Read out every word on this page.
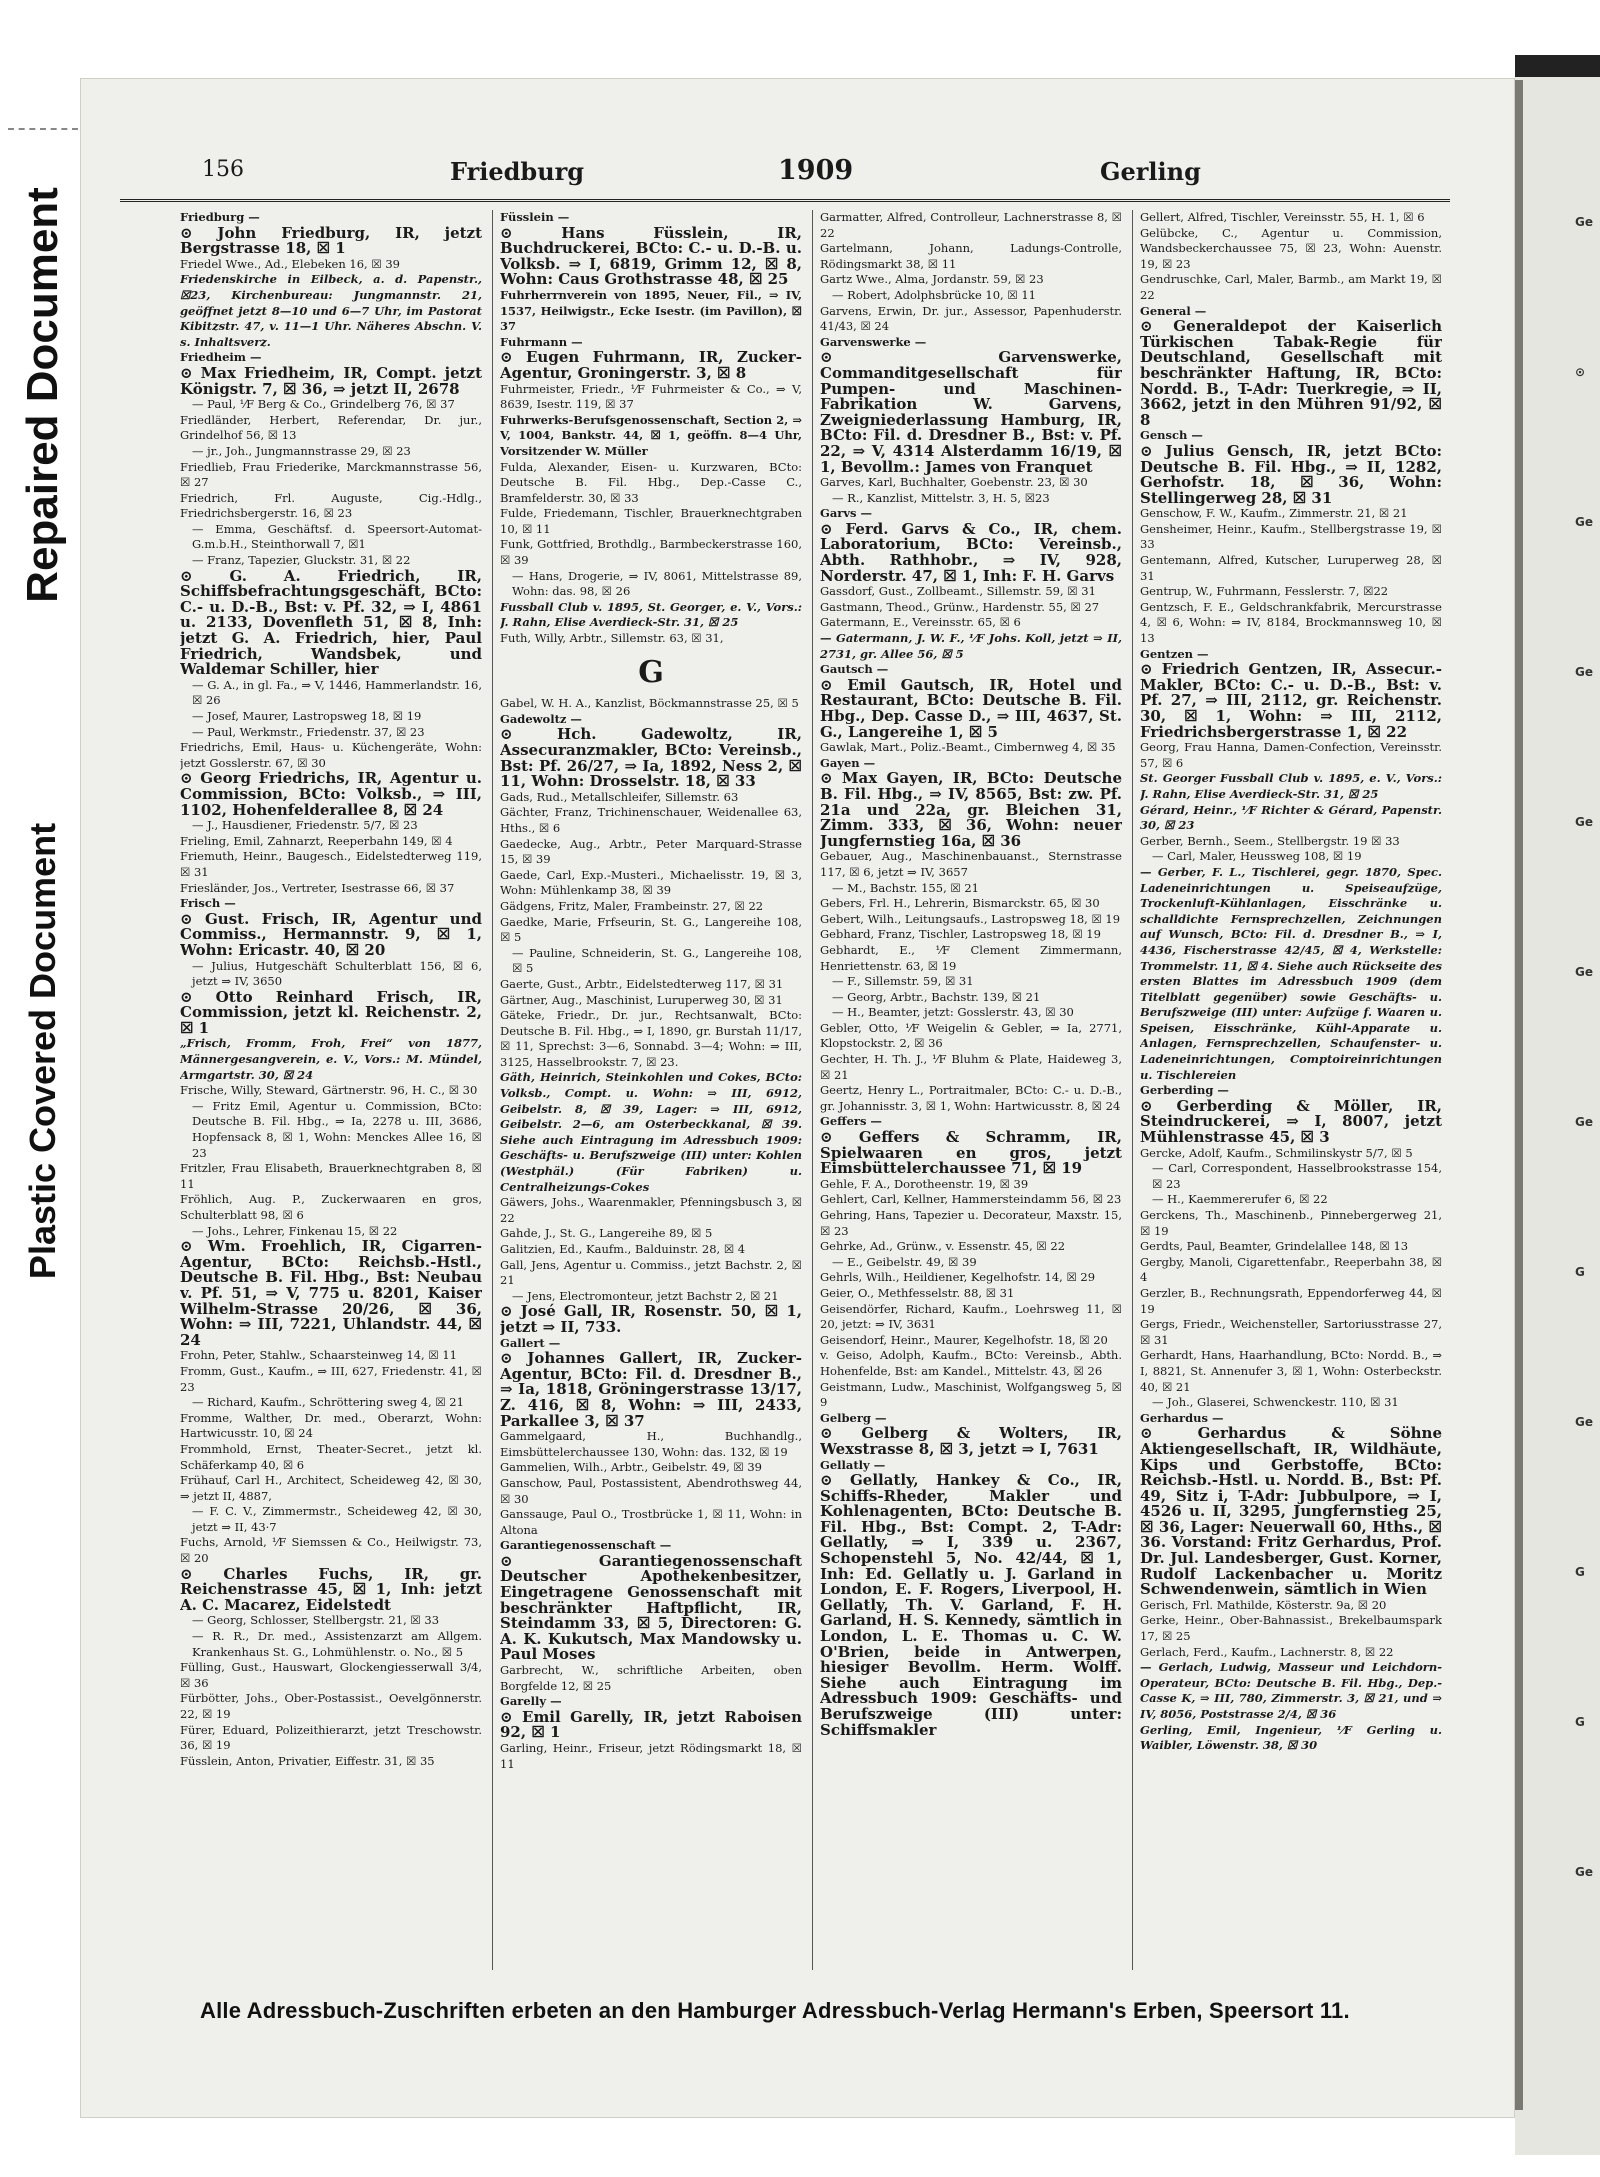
Repaired Document
Plastic Covered Document
Ge
⊙
Ge
Ge
Ge
Ge
Ge
G
Ge
G
G
Ge
156	Friedburg	1909	Gerling

Friedburg —

⊙ John Friedburg, IR, jetzt Bergstrasse 18, ☒ 1

Friedel Wwe., Ad., Elebeken 16, ☒ 39

Friedenskirche in Eilbeck, a. d. Papenstr., ☒23, Kirchenbureau: Jungmannstr. 21, geöffnet jetzt 8—10 und 6—7 Uhr, im Pastorat Kibitzstr. 47, v. 11—1 Uhr. Näheres Abschn. V. s. Inhaltsverz.

Friedheim —

⊙ Max Friedheim, IR, Compt. jetzt Königstr. 7, ☒ 36, ⇒ jetzt II, 2678

— Paul, ⅟F Berg & Co., Grindelberg 76, ☒ 37

Friedländer, Herbert, Referendar, Dr. jur., Grindelhof 56, ☒ 13

— jr., Joh., Jungmannstrasse 29, ☒ 23

Friedlieb, Frau Friederike, Marckmannstrasse 56, ☒ 27

Friedrich, Frl. Auguste, Cig.-Hdlg., Friedrichsbergerstr. 16, ☒ 23

— Emma, Geschäftsf. d. Speersort-Automat-G.m.b.H., Steinthorwall 7, ☒1

— Franz, Tapezier, Gluckstr. 31, ☒ 22

⊙ G. A. Friedrich, IR, Schiffsbefrachtungsgeschäft, BCto: C.- u. D.-B., Bst: v. Pf. 32, ⇒ I, 4861 u. 2133, Dovenfleth 51, ☒ 8, Inh: jetzt G. A. Friedrich, hier, Paul Friedrich, Wandsbek, und Waldemar Schiller, hier

— G. A., in gl. Fa., ⇒ V, 1446, Hammerlandstr. 16, ☒ 26

— Josef, Maurer, Lastropsweg 18, ☒ 19

— Paul, Werkmstr., Friedenstr. 37, ☒ 23

Friedrichs, Emil, Haus- u. Küchengeräte, Wohn: jetzt Gosslerstr. 67, ☒ 30

⊙ Georg Friedrichs, IR, Agentur u. Commission, BCto: Volksb., ⇒ III, 1102, Hohenfelderallee 8, ☒ 24

— J., Hausdiener, Friedenstr. 5/7, ☒ 23

Frieling, Emil, Zahnarzt, Reeperbahn 149, ☒ 4

Friemuth, Heinr., Baugesch., Eidelstedterweg 119, ☒ 31

Friesländer, Jos., Vertreter, Isestrasse 66, ☒ 37

Frisch —

⊙ Gust. Frisch, IR, Agentur und Commiss., Hermannstr. 9, ☒ 1, Wohn: Ericastr. 40, ☒ 20

— Julius, Hutgeschäft Schulterblatt 156, ☒ 6, jetzt ⇒ IV, 3650

⊙ Otto Reinhard Frisch, IR, Commission, jetzt kl. Reichenstr. 2, ☒ 1

„Frisch, Fromm, Froh, Frei“ von 1877, Männergesangverein, e. V., Vors.: M. Mündel, Armgartstr. 30, ☒ 24

Frische, Willy, Steward, Gärtnerstr. 96, H. C., ☒ 30

— Fritz Emil, Agentur u. Commission, BCto: Deutsche B. Fil. Hbg., ⇒ Ia, 2278 u. III, 3686, Hopfensack 8, ☒ 1, Wohn: Menckes Allee 16, ☒ 23

Fritzler, Frau Elisabeth, Brauerknechtgraben 8, ☒ 11

Fröhlich, Aug. P., Zuckerwaaren en gros, Schulterblatt 98, ☒ 6

— Johs., Lehrer, Finkenau 15, ☒ 22

⊙ Wm. Froehlich, IR, Cigarren-Agentur, BCto: Reichsb.-Hstl., Deutsche B. Fil. Hbg., Bst: Neubau v. Pf. 51, ⇒ V, 775 u. 8201, Kaiser Wilhelm-Strasse 20/26, ☒ 36, Wohn: ⇒ III, 7221, Uhlandstr. 44, ☒ 24

Frohn, Peter, Stahlw., Schaarsteinweg 14, ☒ 11

Fromm, Gust., Kaufm., ⇒ III, 627, Friedenstr. 41, ☒ 23

— Richard, Kaufm., Schröttering sweg 4, ☒ 21

Fromme, Walther, Dr. med., Oberarzt, Wohn: Hartwicusstr. 10, ☒ 24

Frommhold, Ernst, Theater-Secret., jetzt kl. Schäferkamp 40, ☒ 6

Frühauf, Carl H., Architect, Scheideweg 42, ☒ 30, ⇒ jetzt II, 4887,

— F. C. V., Zimmermstr., Scheideweg 42, ☒ 30, jetzt ⇒ II, 43·7

Fuchs, Arnold, ⅟F Siemssen & Co., Heilwigstr. 73, ☒ 20

⊙ Charles Fuchs, IR, gr. Reichenstrasse 45, ☒ 1, Inh: jetzt A. C. Macarez, Eidelstedt

— Georg, Schlosser, Stellbergstr. 21, ☒ 33

— R. R., Dr. med., Assistenzarzt am Allgem. Krankenhaus St. G., Lohmühlenstr. o. No., ☒ 5

Fülling, Gust., Hauswart, Glockengiesserwall 3/4, ☒ 36

Fürbötter, Johs., Ober-Postassist., Oevelgönnerstr. 22, ☒ 19

Fürer, Eduard, Polizeithierarzt, jetzt Treschowstr. 36, ☒ 19

Füsslein, Anton, Privatier, Eiffestr. 31, ☒ 35

Füsslein —

⊙ Hans Füsslein, IR, Buchdruckerei, BCto: C.- u. D.-B. u. Volksb. ⇒ I, 6819, Grimm 12, ☒ 8, Wohn: Caus Grothstrasse 48, ☒ 25

Fuhrherrnverein von 1895, Neuer, Fil., ⇒ IV, 1537, Heilwigstr., Ecke Isestr. (im Pavillon), ☒ 37

Fuhrmann —

⊙ Eugen Fuhrmann, IR, Zucker-Agentur, Groningerstr. 3, ☒ 8

Fuhrmeister, Friedr., ⅟F Fuhrmeister & Co., ⇒ V, 8639, Isestr. 119, ☒ 37

Fuhrwerks-Berufsgenossenschaft, Section 2, ⇒ V, 1004, Bankstr. 44, ☒ 1, geöffn. 8—4 Uhr, Vorsitzender W. Müller

Fulda, Alexander, Eisen- u. Kurzwaren, BCto: Deutsche B. Fil. Hbg., Dep.-Casse C., Bramfelderstr. 30, ☒ 33

Fulde, Friedemann, Tischler, Brauerknechtgraben 10, ☒ 11

Funk, Gottfried, Brothdlg., Barmbeckerstrasse 160, ☒ 39

— Hans, Drogerie, ⇒ IV, 8061, Mittelstrasse 89, Wohn: das. 98, ☒ 26

Fussball Club v. 1895, St. Georger, e. V., Vors.: J. Rahn, Elise Averdieck-Str. 31, ☒ 25

Futh, Willy, Arbtr., Sillemstr. 63, ☒ 31,

G

Gabel, W. H. A., Kanzlist, Böckmannstrasse 25, ☒ 5

Gadewoltz —

⊙ Hch. Gadewoltz, IR, Assecuranzmakler, BCto: Vereinsb., Bst: Pf. 26/27, ⇒ Ia, 1892, Ness 2, ☒ 11, Wohn: Drosselstr. 18, ☒ 33

Gads, Rud., Metallschleifer, Sillemstr. 63

Gächter, Franz, Trichinenschauer, Weidenallee 63, Hths., ☒ 6

Gaedecke, Aug., Arbtr., Peter Marquard-Strasse 15, ☒ 39

Gaede, Carl, Exp.-Musteri., Michaelisstr. 19, ☒ 3, Wohn: Mühlenkamp 38, ☒ 39

Gädgens, Fritz, Maler, Frambeinstr. 27, ☒ 22

Gaedke, Marie, Frfseurin, St. G., Langereihe 108, ☒ 5

— Pauline, Schneiderin, St. G., Langereihe 108, ☒ 5

Gaerte, Gust., Arbtr., Eidelstedterweg 117, ☒ 31

Gärtner, Aug., Maschinist, Luruperweg 30, ☒ 31

Gäteke, Friedr., Dr. jur., Rechtsanwalt, BCto: Deutsche B. Fil. Hbg., ⇒ I, 1890, gr. Burstah 11/17, ☒ 11, Sprechst: 3—6, Sonnabd. 3—4; Wohn: ⇒ III, 3125, Hasselbrookstr. 7, ☒ 23.

Gäth, Heinrich, Steinkohlen und Cokes, BCto: Volksb., Compt. u. Wohn: ⇒ III, 6912, Geibelstr. 8, ☒ 39, Lager: ⇒ III, 6912, Geibelstr. 2—6, am Osterbeckkanal, ☒ 39. Siehe auch Eintragung im Adressbuch 1909: Geschäfts- u. Berufszweige (III) unter: Kohlen (Westphäl.) (Für Fabriken) u. Centralheizungs-Cokes

Gäwers, Johs., Waarenmakler, Pfenningsbusch 3, ☒ 22

Gahde, J., St. G., Langereihe 89, ☒ 5

Galitzien, Ed., Kaufm., Balduinstr. 28, ☒ 4

Gall, Jens, Agentur u. Commiss., jetzt Bachstr. 2, ☒ 21

— Jens, Electromonteur, jetzt Bachstr 2, ☒ 21

⊙ José Gall, IR, Rosenstr. 50, ☒ 1, jetzt ⇒ II, 733.

Gallert —

⊙ Johannes Gallert, IR, Zucker-Agentur, BCto: Fil. d. Dresdner B., ⇒ Ia, 1818, Gröningerstrasse 13/17, Z. 416, ☒ 8, Wohn: ⇒ III, 2433, Parkallee 3, ☒ 37

Gammelgaard, H., Buchhandlg., Eimsbüttelerchaussee 130, Wohn: das. 132, ☒ 19

Gammelien, Wilh., Arbtr., Geibelstr. 49, ☒ 39

Ganschow, Paul, Postassistent, Abendrothsweg 44, ☒ 30

Ganssauge, Paul O., Trostbrücke 1, ☒ 11, Wohn: in Altona

Garantiegenossenschaft —

⊙ Garantiegenossenschaft Deutscher Apothekenbesitzer, Eingetragene Genossenschaft mit beschränkter Haftpflicht, IR, Steindamm 33, ☒ 5, Directoren: G. A. K. Kukutsch, Max Mandowsky u. Paul Moses

Garbrecht, W., schriftliche Arbeiten, oben Borgfelde 12, ☒ 25

Garelly —

⊙ Emil Garelly, IR, jetzt Raboisen 92, ☒ 1

Garling, Heinr., Friseur, jetzt Rödingsmarkt 18, ☒ 11

Garmatter, Alfred, Controlleur, Lachnerstrasse 8, ☒ 22

Gartelmann, Johann, Ladungs-Controlle, Rödingsmarkt 38, ☒ 11

Gartz Wwe., Alma, Jordanstr. 59, ☒ 23

— Robert, Adolphsbrücke 10, ☒ 11

Garvens, Erwin, Dr. jur., Assessor, Papenhuderstr. 41/43, ☒ 24

Garvenswerke —

⊙ Garvenswerke, Commanditgesellschaft für Pumpen- und Maschinen-Fabrikation W. Garvens, Zweigniederlassung Hamburg, IR, BCto: Fil. d. Dresdner B., Bst: v. Pf. 22, ⇒ V, 4314 Alsterdamm 16/19, ☒ 1, Bevollm.: James von Franquet

Garves, Karl, Buchhalter, Goebenstr. 23, ☒ 30

— R., Kanzlist, Mittelstr. 3, H. 5, ☒23

Garvs —

⊙ Ferd. Garvs & Co., IR, chem. Laboratorium, BCto: Vereinsb., Abth. Rathhobr., ⇒ IV, 928, Norderstr. 47, ☒ 1, Inh: F. H. Garvs

Gassdorf, Gust., Zollbeamt., Sillemstr. 59, ☒ 31

Gastmann, Theod., Grünw., Hardenstr. 55, ☒ 27

Gatermann, E., Vereinsstr. 65, ☒ 6

— Gatermann, J. W. F., ⅟F Johs. Koll, jetzt ⇒ II, 2731, gr. Allee 56, ☒ 5

Gautsch —

⊙ Emil Gautsch, IR, Hotel und Restaurant, BCto: Deutsche B. Fil. Hbg., Dep. Casse D., ⇒ III, 4637, St. G., Langereihe 1, ☒ 5

Gawlak, Mart., Poliz.-Beamt., Cimbernweg 4, ☒ 35

Gayen —

⊙ Max Gayen, IR, BCto: Deutsche B. Fil. Hbg., ⇒ IV, 8565, Bst: zw. Pf. 21a und 22a, gr. Bleichen 31, Zimm. 333, ☒ 36, Wohn: neuer Jungfernstieg 16a, ☒ 36

Gebauer, Aug., Maschinenbauanst., Sternstrasse 117, ☒ 6, jetzt ⇒ IV, 3657

— M., Bachstr. 155, ☒ 21

Gebers, Frl. H., Lehrerin, Bismarckstr. 65, ☒ 30

Gebert, Wilh., Leitungsaufs., Lastropsweg 18, ☒ 19

Gebhard, Franz, Tischler, Lastropsweg 18, ☒ 19

Gebhardt, E., ⅟F Clement Zimmermann, Henriettenstr. 63, ☒ 19

— F., Sillemstr. 59, ☒ 31

— Georg, Arbtr., Bachstr. 139, ☒ 21

— H., Beamter, jetzt: Gosslerstr. 43, ☒ 30

Gebler, Otto, ⅟F Weigelin & Gebler, ⇒ Ia, 2771, Klopstockstr. 2, ☒ 36

Gechter, H. Th. J., ⅟F Bluhm & Plate, Haideweg 3, ☒ 21

Geertz, Henry L., Portraitmaler, BCto: C.- u. D.-B., gr. Johannisstr. 3, ☒ 1, Wohn: Hartwicusstr. 8, ☒ 24

Geffers —

⊙ Geffers & Schramm, IR, Spielwaaren en gros, jetzt Eimsbüttelerchaussee 71, ☒ 19

Gehle, F. A., Dorotheenstr. 19, ☒ 39

Gehlert, Carl, Kellner, Hammersteindamm 56, ☒ 23

Gehring, Hans, Tapezier u. Decorateur, Maxstr. 15, ☒ 23

Gehrke, Ad., Grünw., v. Essenstr. 45, ☒ 22

— E., Geibelstr. 49, ☒ 39

Gehrls, Wilh., Heildiener, Kegelhofstr. 14, ☒ 29

Geier, O., Methfesselstr. 88, ☒ 31

Geisendörfer, Richard, Kaufm., Loehrsweg 11, ☒ 20, jetzt: ⇒ IV, 3631

Geisendorf, Heinr., Maurer, Kegelhofstr. 18, ☒ 20

v. Geiso, Adolph, Kaufm., BCto: Vereinsb., Abth. Hohenfelde, Bst: am Kandel., Mittelstr. 43, ☒ 26

Geistmann, Ludw., Maschinist, Wolfgangsweg 5, ☒ 9

Gelberg —

⊙ Gelberg & Wolters, IR, Wexstrasse 8, ☒ 3, jetzt ⇒ I, 7631

Gellatly —

⊙ Gellatly, Hankey & Co., IR, Schiffs-Rheder, Makler und Kohlenagenten, BCto: Deutsche B. Fil. Hbg., Bst: Compt. 2, T-Adr: Gellatly, ⇒ I, 339 u. 2367, Schopenstehl 5, No. 42/44, ☒ 1, Inh: Ed. Gellatly u. J. Garland in London, E. F. Rogers, Liverpool, H. Gellatly, Th. V. Garland, F. H. Garland, H. S. Kennedy, sämtlich in London, L. E. Thomas u. C. W. O'Brien, beide in Antwerpen, hiesiger Bevollm. Herm. Wolff. Siehe auch Eintragung im Adressbuch 1909: Geschäfts- und Berufszweige (III) unter: Schiffsmakler

Gellert, Alfred, Tischler, Vereinsstr. 55, H. 1, ☒ 6

Gelübcke, C., Agentur u. Commission, Wandsbeckerchaussee 75, ☒ 23, Wohn: Auenstr. 19, ☒ 23

Gendruschke, Carl, Maler, Barmb., am Markt 19, ☒ 22

General —

⊙ Generaldepot der Kaiserlich Türkischen Tabak-Regie für Deutschland, Gesellschaft mit beschränkter Haftung, IR, BCto: Nordd. B., T-Adr: Tuerkregie, ⇒ II, 3662, jetzt in den Mühren 91/92, ☒ 8

Gensch —

⊙ Julius Gensch, IR, jetzt BCto: Deutsche B. Fil. Hbg., ⇒ II, 1282, Gerhofstr. 18, ☒ 36, Wohn: Stellingerweg 28, ☒ 31

Genschow, F. W., Kaufm., Zimmerstr. 21, ☒ 21

Gensheimer, Heinr., Kaufm., Stellbergstrasse 19, ☒ 33

Gentemann, Alfred, Kutscher, Luruperweg 28, ☒ 31

Gentrup, W., Fuhrmann, Fesslerstr. 7, ☒22

Gentzsch, F. E., Geldschrankfabrik, Mercurstrasse 4, ☒ 6, Wohn: ⇒ IV, 8184, Brockmannsweg 10, ☒ 13

Gentzen —

⊙ Friedrich Gentzen, IR, Assecur.-Makler, BCto: C.- u. D.-B., Bst: v. Pf. 27, ⇒ III, 2112, gr. Reichenstr. 30, ☒ 1, Wohn: ⇒ III, 2112, Friedrichsbergerstrasse 1, ☒ 22

Georg, Frau Hanna, Damen-Confection, Vereinsstr. 57, ☒ 6

St. Georger Fussball Club v. 1895, e. V., Vors.: J. Rahn, Elise Averdieck-Str. 31, ☒ 25

Gérard, Heinr., ⅟F Richter & Gérard, Papenstr. 30, ☒ 23

Gerber, Bernh., Seem., Stellbergstr. 19 ☒ 33

— Carl, Maler, Heussweg 108, ☒ 19

— Gerber, F. L., Tischlerei, gegr. 1870, Spec. Ladeneinrichtungen u. Speiseaufzüge, Trockenluft-Kühlanlagen, Eisschränke u. schalldichte Fernsprechzellen, Zeichnungen auf Wunsch, BCto: Fil. d. Dresdner B., ⇒ I, 4436, Fischerstrasse 42/45, ☒ 4, Werkstelle: Trommelstr. 11, ☒ 4. Siehe auch Rückseite des ersten Blattes im Adressbuch 1909 (dem Titelblatt gegenüber) sowie Geschäfts- u. Berufszweige (III) unter: Aufzüge f. Waaren u. Speisen, Eisschränke, Kühl-Apparate u. Anlagen, Fernsprechzellen, Schaufenster- u. Ladeneinrichtungen, Comptoireinrichtungen u. Tischlereien

Gerberding —

⊙ Gerberding & Möller, IR, Steindruckerei, ⇒ I, 8007, jetzt Mühlenstrasse 45, ☒ 3

Gercke, Adolf, Kaufm., Schmilinskystr 5/7, ☒ 5

— Carl, Correspondent, Hasselbrookstrasse 154, ☒ 23

— H., Kaemmererufer 6, ☒ 22

Gerckens, Th., Maschinenb., Pinnebergerweg 21, ☒ 19

Gerdts, Paul, Beamter, Grindelallee 148, ☒ 13

Gergby, Manoli, Cigarettenfabr., Reeperbahn 38, ☒ 4

Gerzler, B., Rechnungsrath, Eppendorferweg 44, ☒ 19

Gergs, Friedr., Weichensteller, Sartoriusstrasse 27, ☒ 31

Gerhardt, Hans, Haarhandlung, BCto: Nordd. B., ⇒ I, 8821, St. Annenufer 3, ☒ 1, Wohn: Osterbeckstr. 40, ☒ 21

— Joh., Glaserei, Schwenckestr. 110, ☒ 31

Gerhardus —

⊙ Gerhardus & Söhne Aktiengesellschaft, IR, Wildhäute, Kips und Gerbstoffe, BCto: Reichsb.-Hstl. u. Nordd. B., Bst: Pf. 49, Sitz i, T-Adr: Jubbulpore, ⇒ I, 4526 u. II, 3295, Jungfernstieg 25, ☒ 36, Lager: Neuerwall 60, Hths., ☒ 36. Vorstand: Fritz Gerhardus, Prof. Dr. Jul. Landesberger, Gust. Korner, Rudolf Lackenbacher u. Moritz Schwendenwein, sämtlich in Wien

Gerisch, Frl. Mathilde, Kösterstr. 9a, ☒ 20

Gerke, Heinr., Ober-Bahnassist., Brekelbaumspark 17, ☒ 25

Gerlach, Ferd., Kaufm., Lachnerstr. 8, ☒ 22

— Gerlach, Ludwig, Masseur und Leichdorn-Operateur, BCto: Deutsche B. Fil. Hbg., Dep.-Casse K, ⇒ III, 780, Zimmerstr. 3, ☒ 21, und ⇒ IV, 8056, Poststrasse 2/4, ☒ 36

Gerling, Emil, Ingenieur, ⅟F Gerling u. Waibler, Löwenstr. 38, ☒ 30

Alle Adressbuch-Zuschriften erbeten an den Hamburger Adressbuch-Verlag Hermann's Erben, Speersort 11.
